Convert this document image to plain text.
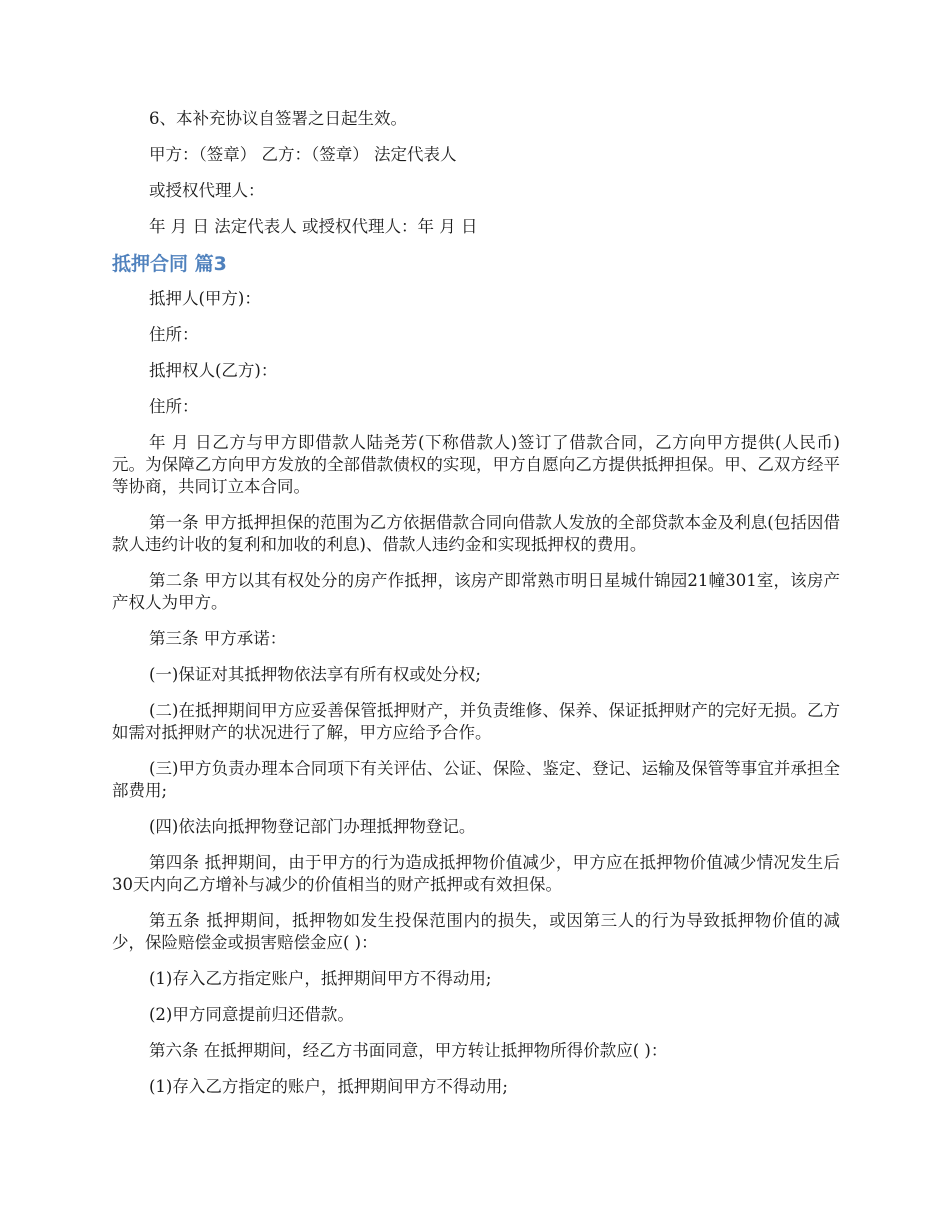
6、本补充协议自签署之日起生效。

甲方：（签章） 乙方：（签章） 法定代表人

或授权代理人：

年 月 日 法定代表人 或授权代理人：年 月 日

抵押合同 篇3

抵押人(甲方)：

住所：

抵押权人(乙方)：

住所：

年 月 日乙方与甲方即借款人陆尧芳(下称借款人)签订了借款合同，乙方向甲方提供(人民币) 元。为保障乙方向甲方发放的全部借款债权的实现，甲方自愿向乙方提供抵押担保。甲、乙双方经平等协商，共同订立本合同。

第一条 甲方抵押担保的范围为乙方依据借款合同向借款人发放的全部贷款本金及利息(包括因借款人违约计收的复利和加收的利息)、借款人违约金和实现抵押权的费用。

第二条 甲方以其有权处分的房产作抵押，该房产即常熟市明日星城什锦园21幢301室，该房产产权人为甲方。

第三条 甲方承诺：

(一)保证对其抵押物依法享有所有权或处分权;

(二)在抵押期间甲方应妥善保管抵押财产，并负责维修、保养、保证抵押财产的完好无损。乙方如需对抵押财产的状况进行了解，甲方应给予合作。

(三)甲方负责办理本合同项下有关评估、公证、保险、鉴定、登记、运输及保管等事宜并承担全部费用;

(四)依法向抵押物登记部门办理抵押物登记。

第四条 抵押期间，由于甲方的行为造成抵押物价值减少，甲方应在抵押物价值减少情况发生后30天内向乙方增补与减少的价值相当的财产抵押或有效担保。

第五条 抵押期间，抵押物如发生投保范围内的损失，或因第三人的行为导致抵押物价值的减少，保险赔偿金或损害赔偿金应( )：

(1)存入乙方指定账户，抵押期间甲方不得动用;

(2)甲方同意提前归还借款。

第六条 在抵押期间，经乙方书面同意，甲方转让抵押物所得价款应( )：

(1)存入乙方指定的账户，抵押期间甲方不得动用;
